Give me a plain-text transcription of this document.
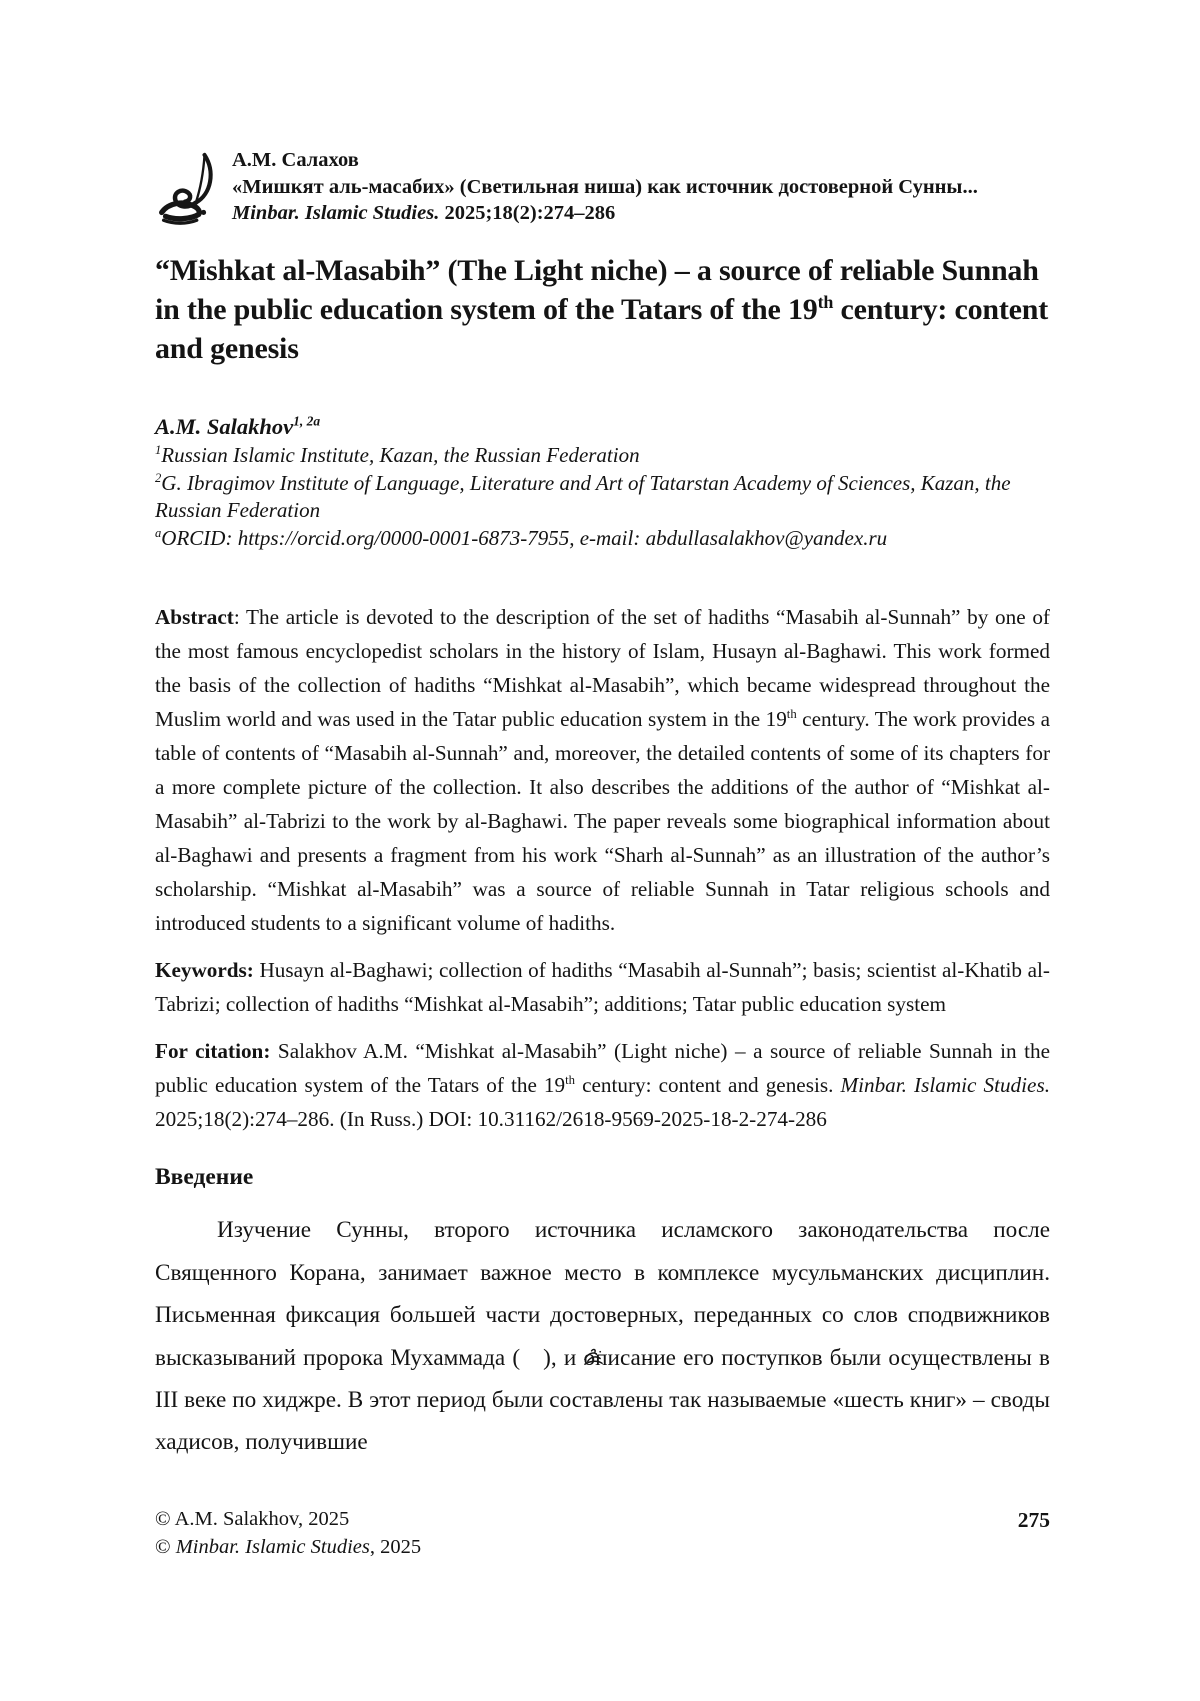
А.М. Салахов
«Мишкят аль-масабих» (Светильная ниша) как источник достоверной Сунны...
Minbar. Islamic Studies. 2025;18(2):274–286
“Mishkat al-Masabih” (The Light niche) – a source of reliable Sunnah in the public education system of the Tatars of the 19th century: content and genesis
A.M. Salakhov$^{1, 2a}$
$^1$Russian Islamic Institute, Kazan, the Russian Federation
$^2$G. Ibragimov Institute of Language, Literature and Art of Tatarstan Academy of Sciences, Kazan, the Russian Federation
$^a$ORCID: https://orcid.org/0000-0001-6873-7955, e-mail: abdullasalakhov@yandex.ru

Abstract: The article is devoted to the description of the set of hadiths “Masabih al-Sunnah” by one of the most famous encyclopedist scholars in the history of Islam, Husayn al-Baghawi. This work formed the basis of the collection of hadiths “Mishkat al-Masabih”, which became widespread throughout the Muslim world and was used in the Tatar public education system in the 19th century. The work provides a table of contents of “Masabih al-Sunnah” and, moreover, the detailed contents of some of its chapters for a more complete picture of the collection. It also describes the additions of the author of “Mishkat al-Masabih” al-Tabrizi to the work by al-Baghawi. The paper reveals some biographical information about al-Baghawi and presents a fragment from his work “Sharh al-Sunnah” as an illustration of the author’s scholarship. “Mishkat al-Masabih” was a source of reliable Sunnah in Tatar religious schools and introduced students to a significant volume of hadiths.

Keywords: Husayn al-Baghawi; collection of hadiths “Masabih al-Sunnah”; basis; scientist al-Khatib al-Tabrizi; collection of hadiths “Mishkat al-Masabih”; additions; Tatar public education system

For citation: Salakhov A.M. “Mishkat al-Masabih” (Light niche) – a source of reliable Sunnah in the public education system of the Tatars of the 19th century: content and genesis. Minbar. Islamic Studies. 2025;18(2):274–286. (In Russ.) DOI: 10.31162/2618-9569-2025-18-2-274-286

Введение

Изучение Сунны, второго источника исламского законодательства после Священного Корана, занимает важное место в комплексе мусульманских дисциплин. Письменная фиксация большей части достоверных, переданных со слов сподвижников высказываний пророка Мухаммада ( ), и описание его поступков были осуществлены в III веке по хиджре. В этот период были составлены так называемые «шесть книг» – своды хадисов, получившие

© A.M. Salakhov, 2025
© Minbar. Islamic Studies, 2025
275
